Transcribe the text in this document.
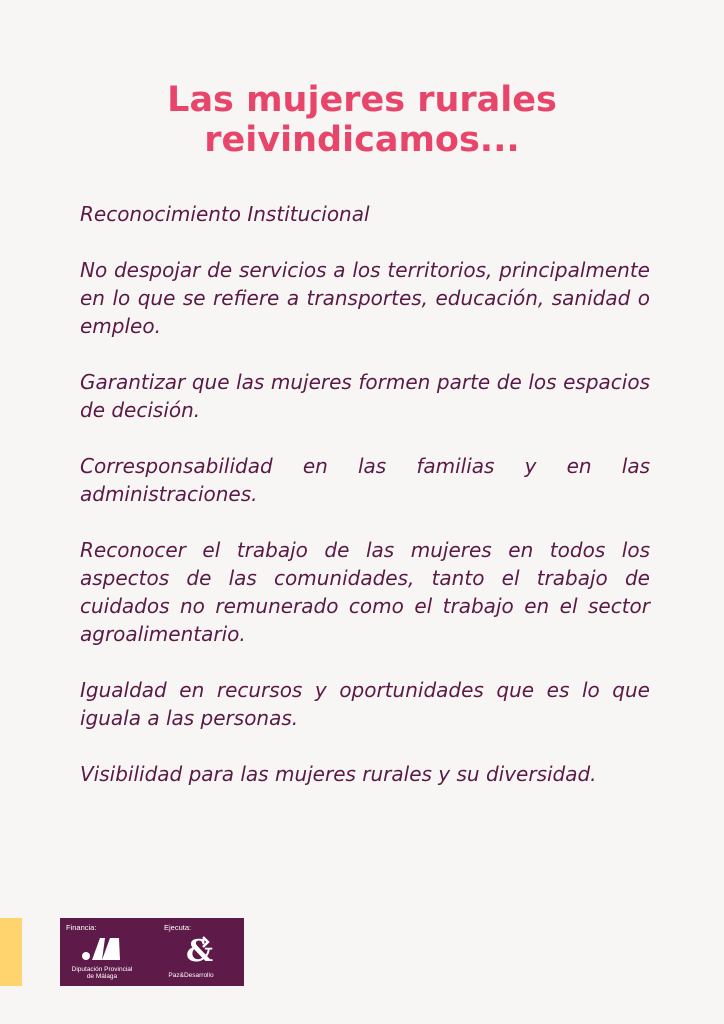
Las mujeres rurales
reivindicamos...

Reconocimiento Institucional

No despojar de servicios a los territorios, principalmente en lo que se refiere a transportes, educación, sanidad o empleo.

Garantizar que las mujeres formen parte de los espacios de decisión.

Corresponsabilidad en las familias y en las administraciones.

Reconocer el trabajo de las mujeres en todos los aspectos de las comunidades, tanto el trabajo de cuidados no remunerado como el trabajo en el sector agroalimentario.

Igualdad en recursos y oportunidades que es lo que iguala a las personas.

Visibilidad para las mujeres rurales y su diversidad.

Financia:
Diputación Provincial
de Málaga
Ejecuta:
&
Paz&Desarrollo
